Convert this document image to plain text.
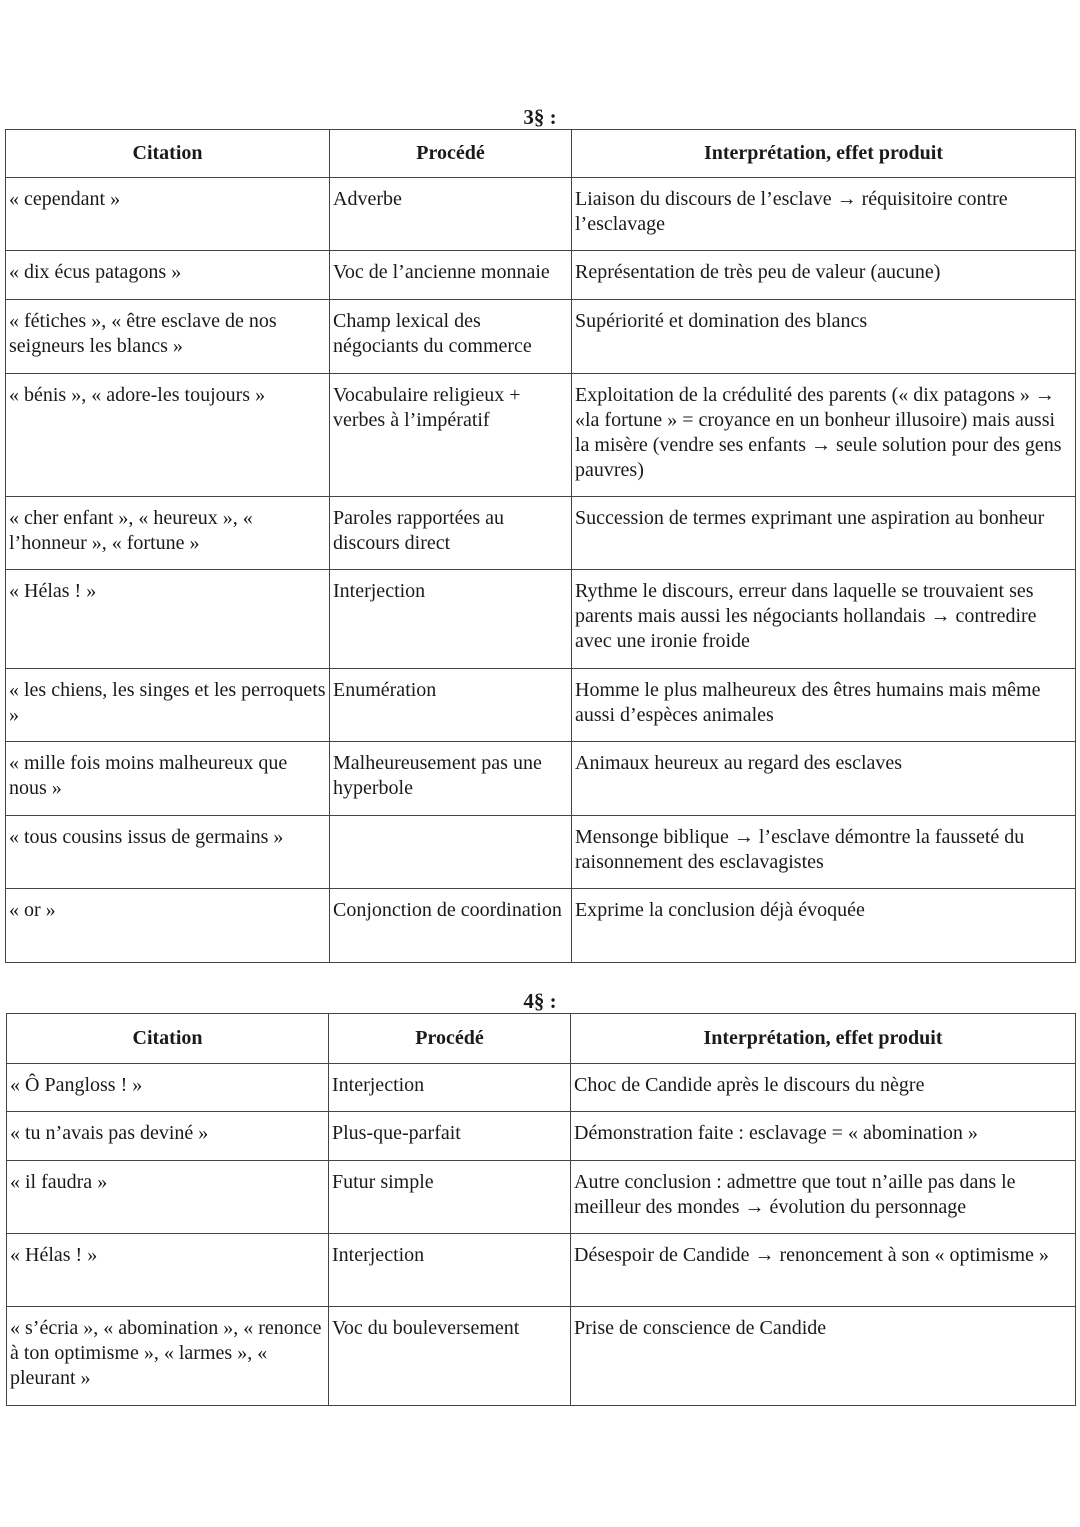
3§ :
Citation	Procédé	Interprétation, effet produit
« cependant »	Adverbe	Liaison du discours de l’esclave → réquisitoire contre l’esclavage
« dix écus patagons »	Voc de l’ancienne monnaie	Représentation de très peu de valeur (aucune)
« fétiches », « être esclave de nos seigneurs les blancs »	Champ lexical des négociants du commerce	Supériorité et domination des blancs
« bénis », « adore-les toujours »	Vocabulaire religieux + verbes à l’impératif	Exploitation de la crédulité des parents (« dix patagons » → «la fortune » = croyance en un bonheur illusoire) mais aussi la misère (vendre ses enfants → seule solution pour des gens pauvres)
« cher enfant », « heureux », « l’honneur », « fortune »	Paroles rapportées au discours direct	Succession de termes exprimant une aspiration au bonheur
« Hélas ! »	Interjection	Rythme le discours, erreur dans laquelle se trouvaient ses parents mais aussi les négociants hollandais → contredire avec une ironie froide
« les chiens, les singes et les perroquets »	Enumération	Homme le plus malheureux des êtres humains mais même aussi d’espèces animales
« mille fois moins malheureux que nous »	Malheureusement pas une hyperbole	Animaux heureux au regard des esclaves
« tous cousins issus de germains »		Mensonge biblique → l’esclave démontre la fausseté du raisonnement des esclavagistes
« or »	Conjonction de coordination	Exprime la conclusion déjà évoquée
4§ :
Citation	Procédé	Interprétation, effet produit
« Ô Pangloss ! »	Interjection	Choc de Candide après le discours du nègre
« tu n’avais pas deviné »	Plus-que-parfait	Démonstration faite : esclavage = « abomination »
« il faudra »	Futur simple	Autre conclusion : admettre que tout n’aille pas dans le meilleur des mondes → évolution du personnage
« Hélas ! »	Interjection	Désespoir de Candide → renoncement à son « optimisme »
« s’écria », « abomination », « renonce à ton optimisme », « larmes », « pleurant »	Voc du bouleversement	Prise de conscience de Candide
